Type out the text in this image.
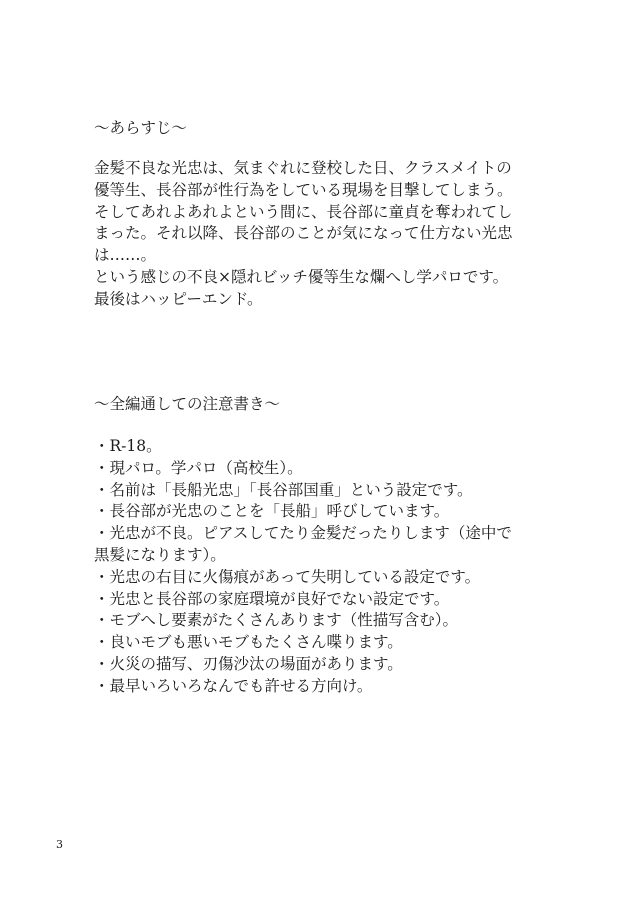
〜あらすじ〜
金髪不良な光忠は、気まぐれに登校した日、クラスメイトの
優等生、長谷部が性行為をしている現場を目撃してしまう。
そしてあれよあれよという間に、長谷部に童貞を奪われてし
まった。それ以降、長谷部のことが気になって仕方ない光忠
は……。
という感じの不良×隠れビッチ優等生な爛へし学パロです。
最後はハッピーエンド。
〜全編通しての注意書き〜
・R-18。
・現パロ。学パロ（高校生）。
・名前は「長船光忠」「長谷部国重」という設定です。
・長谷部が光忠のことを「長船」呼びしています。
・光忠が不良。ピアスしてたり金髪だったりします（途中で
黒髪になります）。
・光忠の右目に火傷痕があって失明している設定です。
・光忠と長谷部の家庭環境が良好でない設定です。
・モブへし要素がたくさんあります（性描写含む）。
・良いモブも悪いモブもたくさん喋ります。
・火災の描写、刃傷沙汰の場面があります。
・最早いろいろなんでも許せる方向け。
3
